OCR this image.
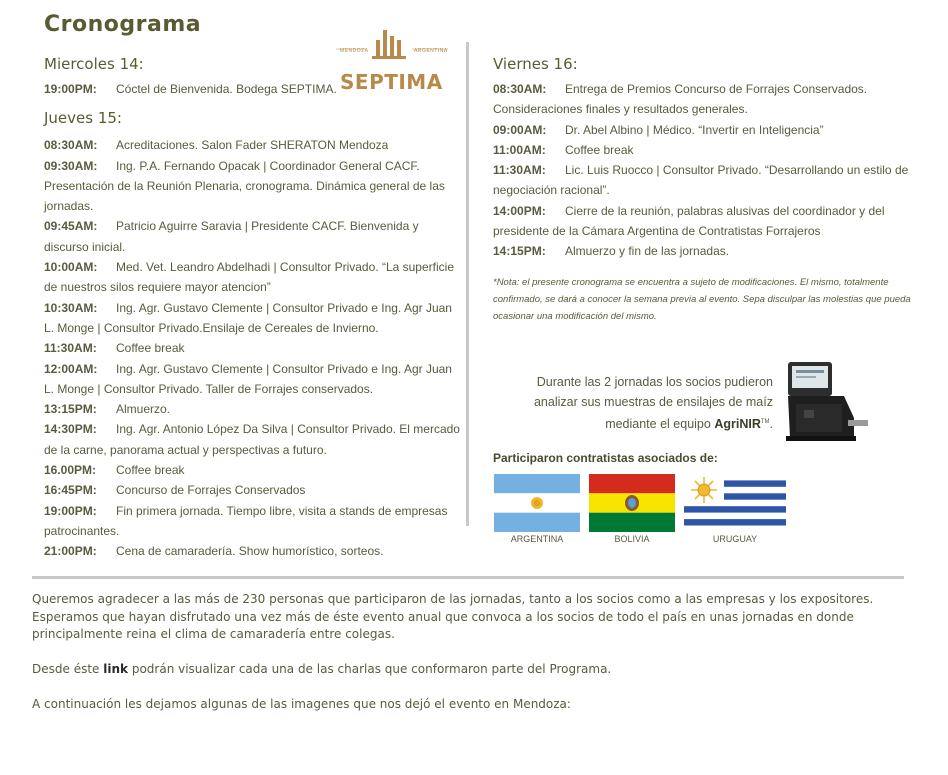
Cronograma
MENDOZA	ARGENTINA
SEPTIMA
Miercoles 14:
19:00PM: Cóctel de Bienvenida. Bodega SEPTIMA.
Jueves 15:
08:30AM: Acreditaciones. Salon Fader SHERATON Mendoza
09:30AM: Ing. P.A. Fernando Opacak | Coordinador General CACF. Presentación de la Reunión Plenaria, cronograma. Dinámica general de las jornadas.
09:45AM: Patricio Aguirre Saravia | Presidente CACF. Bienvenida y discurso inicial.
10:00AM: Med. Vet. Leandro Abdelhadi | Consultor Privado. “La superficie de nuestros silos requiere mayor atencion”
10:30AM: Ing. Agr. Gustavo Clemente | Consultor Privado e Ing. Agr Juan L. Monge | Consultor Privado.Ensilaje de Cereales de Invierno.
11:30AM: Coffee break
12:00AM: Ing. Agr. Gustavo Clemente | Consultor Privado e Ing. Agr Juan L. Monge | Consultor Privado. Taller de Forrajes conservados.
13:15PM: Almuerzo.
14:30PM: Ing. Agr. Antonio López Da Silva | Consultor Privado. El mercado de la carne, panorama actual y perspectivas a futuro.
16.00PM: Coffee break
16:45PM: Concurso de Forrajes Conservados
19:00PM: Fin primera jornada. Tiempo libre, visita a stands de empresas patrocinantes.
21:00PM: Cena de camaradería. Show humorístico, sorteos.
Viernes 16:
08:30AM: Entrega de Premios Concurso de Forrajes Conservados. Consideraciones finales y resultados generales.
09:00AM: Dr. Abel Albino | Médico. “Invertir en Inteligencia”
11:00AM: Coffee break
11:30AM: Lic. Luis Ruocco | Consultor Privado. “Desarrollando un estilo de negociación racional”.
14:00PM: Cierre de la reunión, palabras alusivas del coordinador y del presidente de la Cámara Argentina de Contratistas Forrajeros
14:15PM: Almuerzo y fin de las jornadas.
*Nota: el presente cronograma se encuentra a sujeto de modificaciones. El mismo, totalmente confirmado, se dará a conocer la semana previa al evento. Sepa disculpar las molestias que pueda ocasionar una modificación del mismo.
Durante las 2 jornadas los socios pudieron
analizar sus muestras de ensilajes de maíz
mediante el equipo AgriNIR™.
Participaron contratistas asociados de:
ARGENTINA	BOLIVIA	URUGUAY

Queremos agradecer a las más de 230 personas que participaron de las jornadas, tanto a los socios como a las empresas y los expositores.

Esperamos que hayan disfrutado una vez más de éste evento anual que convoca a los socios de todo el país en unas jornadas en donde principalmente reina el clima de camaradería entre colegas.

Desde éste link podrán visualizar cada una de las charlas que conformaron parte del Programa.

A continuación les dejamos algunas de las imagenes que nos dejó el evento en Mendoza:
